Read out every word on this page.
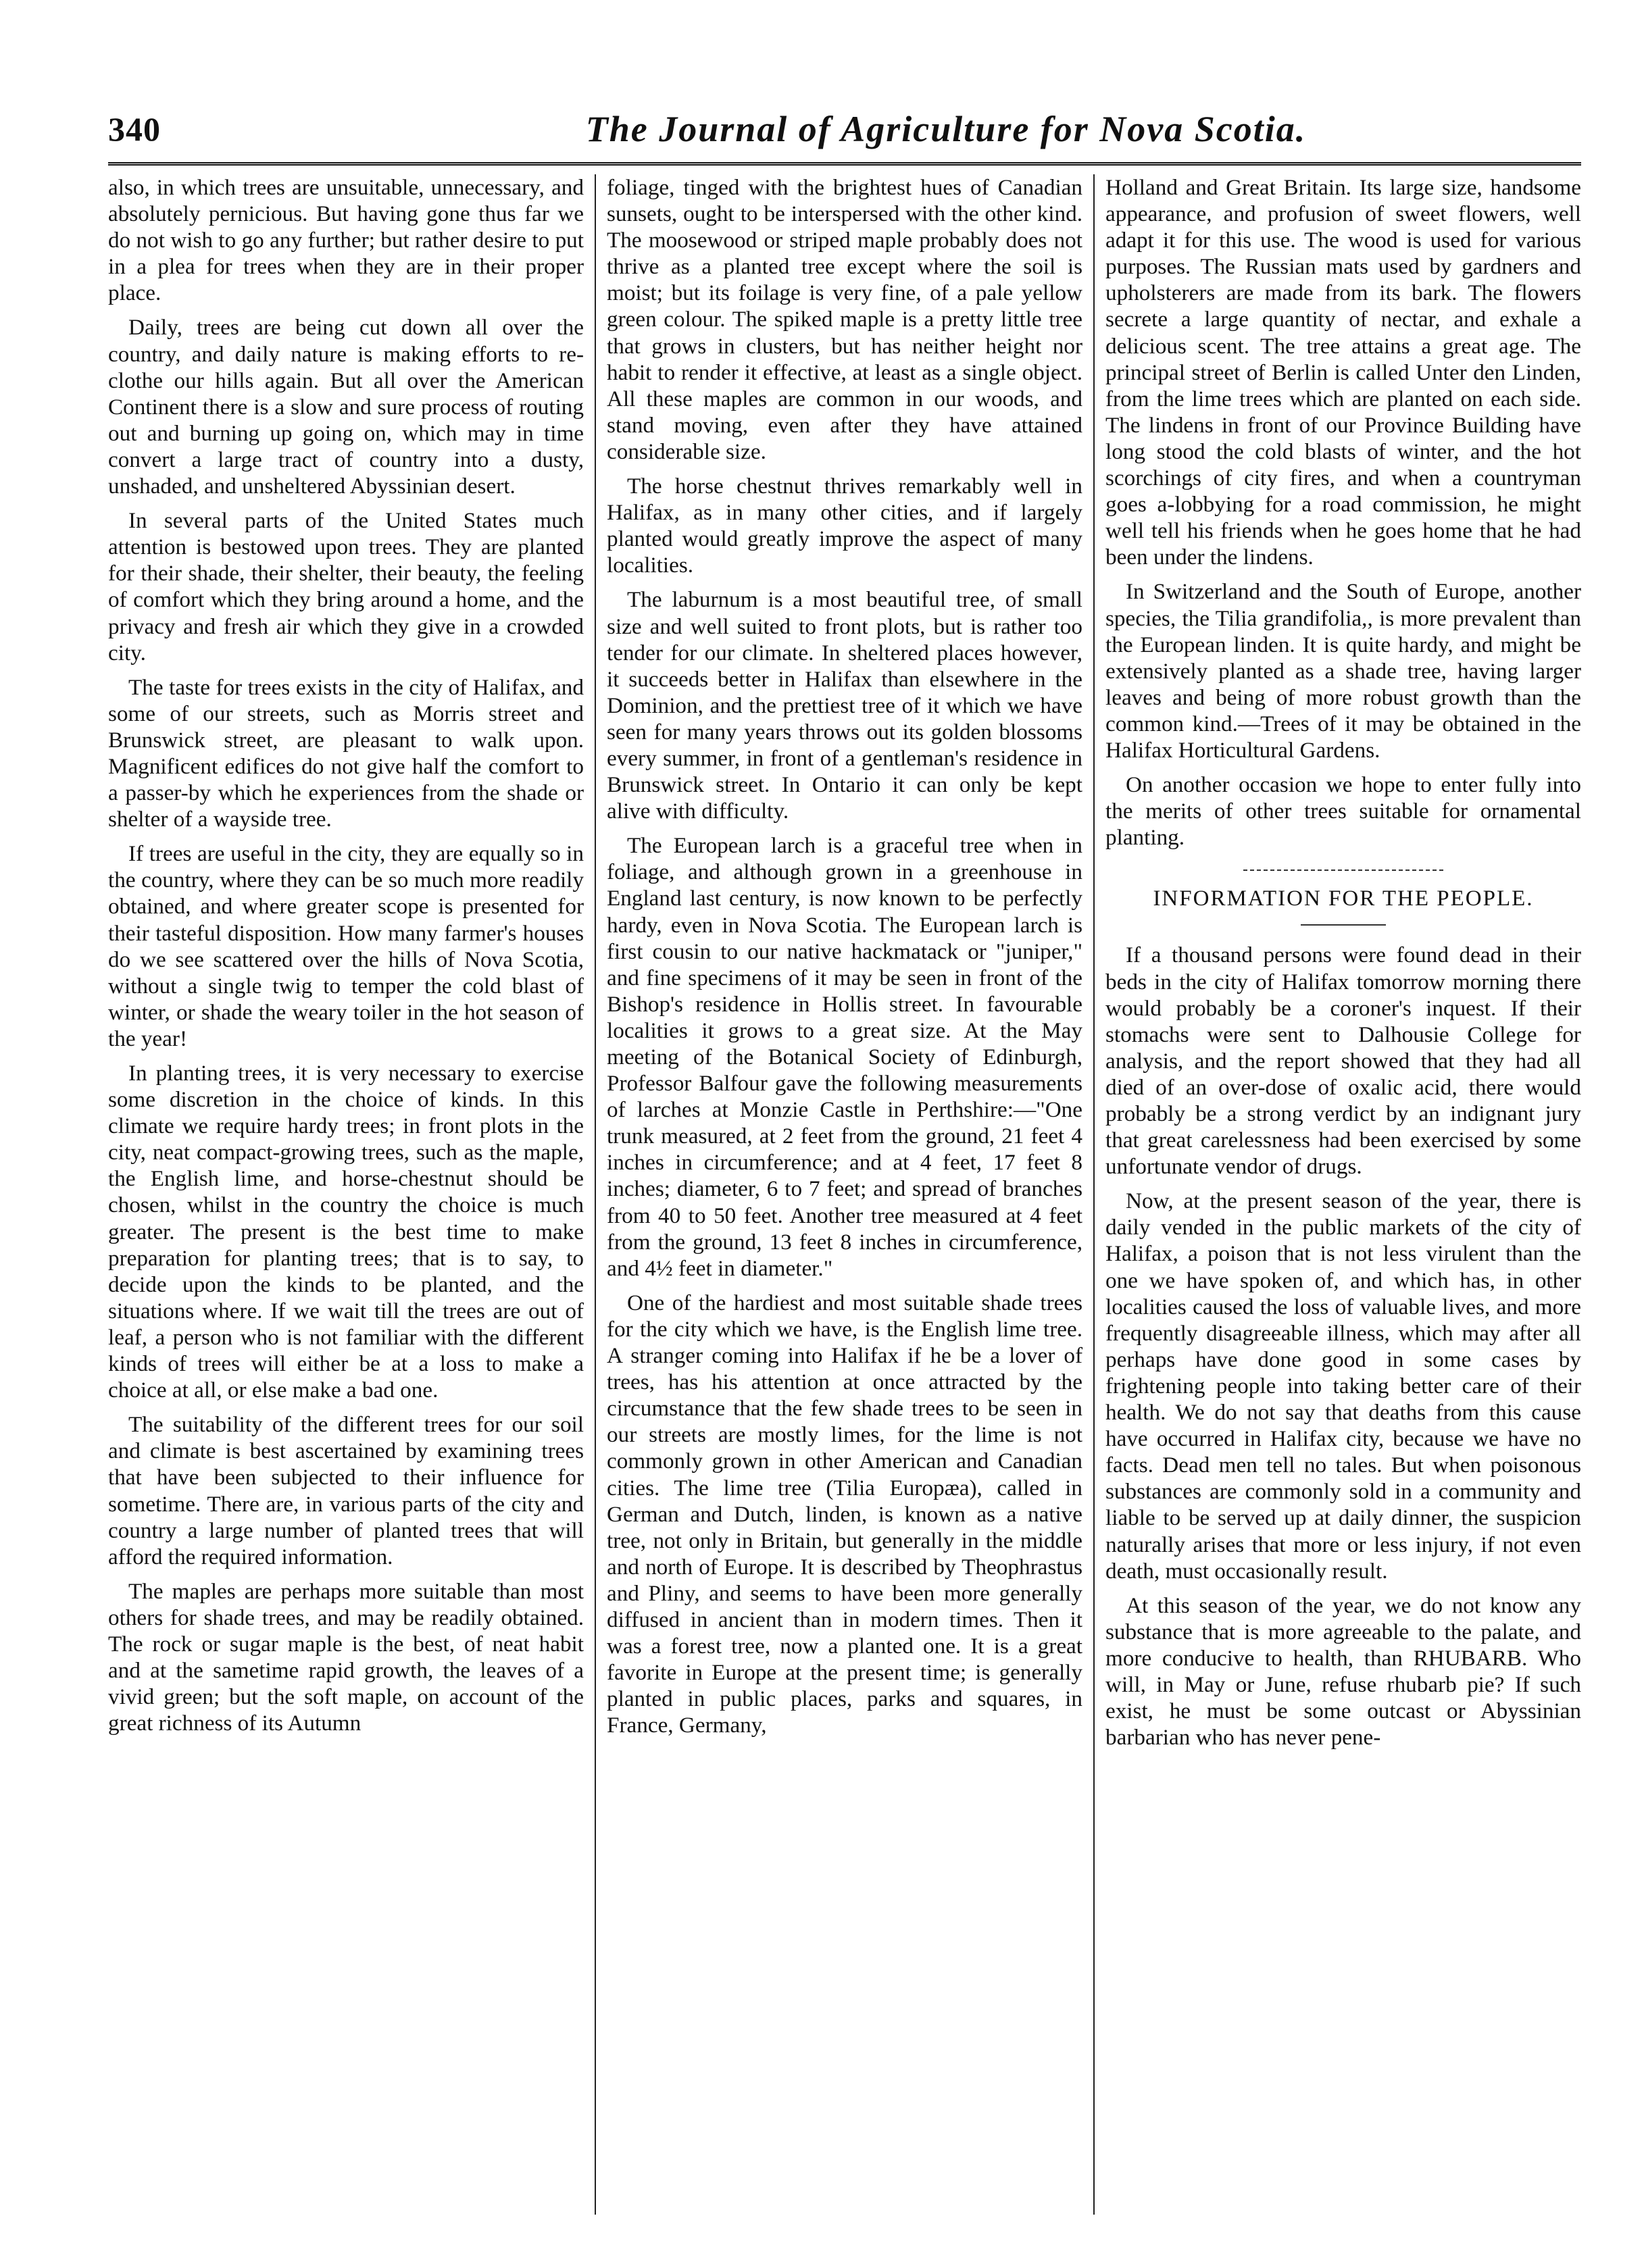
340	The Journal of Agriculture for Nova Scotia.

also, in which trees are unsuitable, unnecessary, and absolutely pernicious. But having gone thus far we do not wish to go any further; but rather desire to put in a plea for trees when they are in their proper place.

Daily, trees are being cut down all over the country, and daily nature is making efforts to re-clothe our hills again. But all over the American Continent there is a slow and sure process of routing out and burning up going on, which may in time convert a large tract of country into a dusty, unshaded, and unsheltered Abyssinian desert.

In several parts of the United States much attention is bestowed upon trees. They are planted for their shade, their shelter, their beauty, the feeling of comfort which they bring around a home, and the privacy and fresh air which they give in a crowded city.

The taste for trees exists in the city of Halifax, and some of our streets, such as Morris street and Brunswick street, are pleasant to walk upon. Magnificent edifices do not give half the comfort to a passer-by which he experiences from the shade or shelter of a wayside tree.

If trees are useful in the city, they are equally so in the country, where they can be so much more readily obtained, and where greater scope is presented for their tasteful disposition. How many farmer's houses do we see scattered over the hills of Nova Scotia, without a single twig to temper the cold blast of winter, or shade the weary toiler in the hot season of the year!

In planting trees, it is very necessary to exercise some discretion in the choice of kinds. In this climate we require hardy trees; in front plots in the city, neat compact-growing trees, such as the maple, the English lime, and horse-chestnut should be chosen, whilst in the country the choice is much greater. The present is the best time to make preparation for planting trees; that is to say, to decide upon the kinds to be planted, and the situations where. If we wait till the trees are out of leaf, a person who is not familiar with the different kinds of trees will either be at a loss to make a choice at all, or else make a bad one.

The suitability of the different trees for our soil and climate is best ascertained by examining trees that have been subjected to their influence for sometime. There are, in various parts of the city and country a large number of planted trees that will afford the required information.

The maples are perhaps more suitable than most others for shade trees, and may be readily obtained. The rock or sugar maple is the best, of neat habit and at the sametime rapid growth, the leaves of a vivid green; but the soft maple, on account of the great richness of its Autumn

foliage, tinged with the brightest hues of Canadian sunsets, ought to be interspersed with the other kind. The moosewood or striped maple probably does not thrive as a planted tree except where the soil is moist; but its foilage is very fine, of a pale yellow green colour. The spiked maple is a pretty little tree that grows in clusters, but has neither height nor habit to render it effective, at least as a single object. All these maples are common in our woods, and stand moving, even after they have attained considerable size.

The horse chestnut thrives remarkably well in Halifax, as in many other cities, and if largely planted would greatly improve the aspect of many localities.

The laburnum is a most beautiful tree, of small size and well suited to front plots, but is rather too tender for our climate. In sheltered places however, it succeeds better in Halifax than elsewhere in the Dominion, and the prettiest tree of it which we have seen for many years throws out its golden blossoms every summer, in front of a gentleman's residence in Brunswick street. In Ontario it can only be kept alive with difficulty.

The European larch is a graceful tree when in foliage, and although grown in a greenhouse in England last century, is now known to be perfectly hardy, even in Nova Scotia. The European larch is first cousin to our native hackmatack or "juniper," and fine specimens of it may be seen in front of the Bishop's residence in Hollis street. In favourable localities it grows to a great size. At the May meeting of the Botanical Society of Edinburgh, Professor Balfour gave the following measurements of larches at Monzie Castle in Perthshire:—"One trunk measured, at 2 feet from the ground, 21 feet 4 inches in circumference; and at 4 feet, 17 feet 8 inches; diameter, 6 to 7 feet; and spread of branches from 40 to 50 feet. Another tree measured at 4 feet from the ground, 13 feet 8 inches in circumference, and 4½ feet in diameter."

One of the hardiest and most suitable shade trees for the city which we have, is the English lime tree. A stranger coming into Halifax if he be a lover of trees, has his attention at once attracted by the circumstance that the few shade trees to be seen in our streets are mostly limes, for the lime is not commonly grown in other American and Canadian cities. The lime tree (Tilia Europæa), called in German and Dutch, linden, is known as a native tree, not only in Britain, but generally in the middle and north of Europe. It is described by Theophrastus and Pliny, and seems to have been more generally diffused in ancient than in modern times. Then it was a forest tree, now a planted one. It is a great favorite in Europe at the present time; is generally planted in public places, parks and squares, in France, Germany,

Holland and Great Britain. Its large size, handsome appearance, and profusion of sweet flowers, well adapt it for this use. The wood is used for various purposes. The Russian mats used by gardners and upholsterers are made from its bark. The flowers secrete a large quantity of nectar, and exhale a delicious scent. The tree attains a great age. The principal street of Berlin is called Unter den Linden, from the lime trees which are planted on each side. The lindens in front of our Province Building have long stood the cold blasts of winter, and the hot scorchings of city fires, and when a countryman goes a-lobbying for a road commission, he might well tell his friends when he goes home that he had been under the lindens.

In Switzerland and the South of Europe, another species, the Tilia grandifolia,, is more prevalent than the European linden. It is quite hardy, and might be extensively planted as a shade tree, having larger leaves and being of more robust growth than the common kind.—Trees of it may be obtained in the Halifax Horticultural Gardens.

On another occasion we hope to enter fully into the merits of other trees suitable for ornamental planting.

INFORMATION FOR THE PEOPLE.

If a thousand persons were found dead in their beds in the city of Halifax tomorrow morning there would probably be a coroner's inquest. If their stomachs were sent to Dalhousie College for analysis, and the report showed that they had all died of an over-dose of oxalic acid, there would probably be a strong verdict by an indignant jury that great carelessness had been exercised by some unfortunate vendor of drugs.

Now, at the present season of the year, there is daily vended in the public markets of the city of Halifax, a poison that is not less virulent than the one we have spoken of, and which has, in other localities caused the loss of valuable lives, and more frequently disagreeable illness, which may after all perhaps have done good in some cases by frightening people into taking better care of their health. We do not say that deaths from this cause have occurred in Halifax city, because we have no facts. Dead men tell no tales. But when poisonous substances are commonly sold in a community and liable to be served up at daily dinner, the suspicion naturally arises that more or less injury, if not even death, must occasionally result.

At this season of the year, we do not know any substance that is more agreeable to the palate, and more conducive to health, than RHUBARB. Who will, in May or June, refuse rhubarb pie? If such exist, he must be some outcast or Abyssinian barbarian who has never pene-
